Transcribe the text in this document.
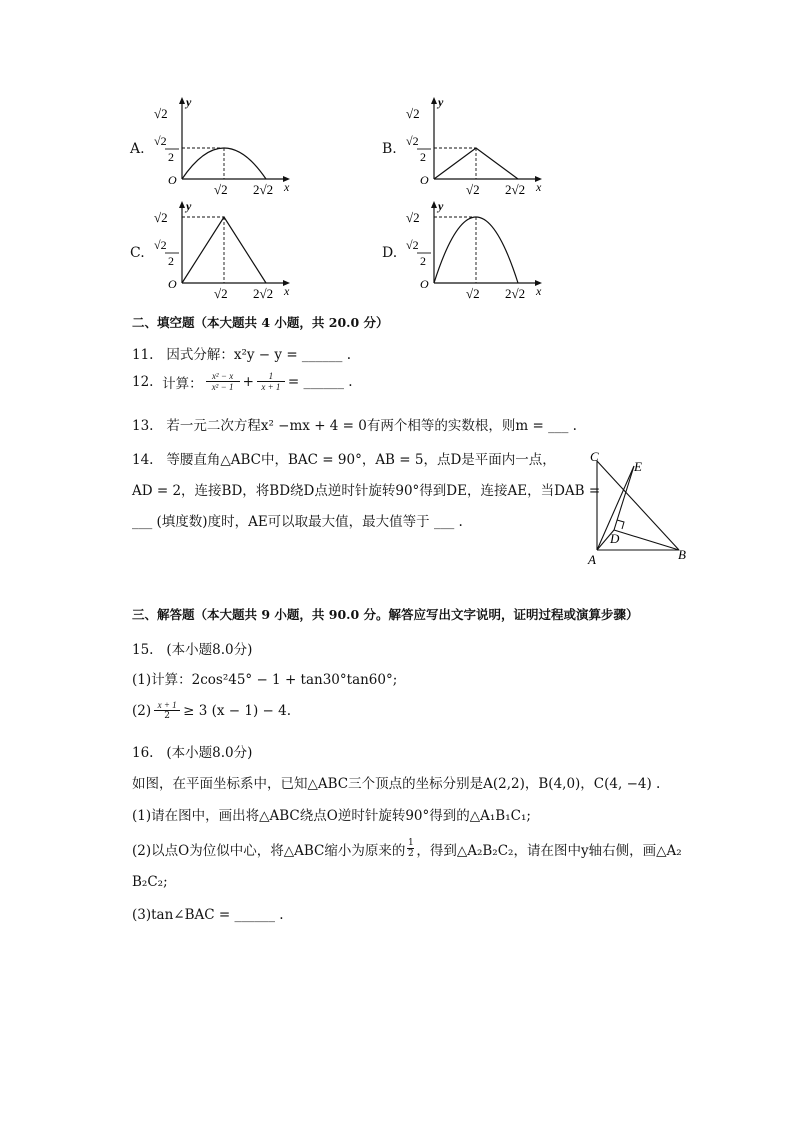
A.
y
x
O
√2
√2
2
√2 2√2
B.
y
x
O
√2
√2
2
√2 2√2
C.
y
x
O
√2
√2
2
√2 2√2
D.
y
x
O
√2
√2
2
√2 2√2
二、填空题（本大题共 4 小题，共 20.0 分）
11. 因式分解：x²y − y = ______ .
12.
计算： x² − x
x² − 1 + 1
x + 1 = ______ .
13. 若一元二次方程x² −mx + 4 = 0有两个相等的实数根，则m = ___ .
14. 等腰直角△ABC中，BAC = 90°，AB = 5，点D是平面内一点，
AD = 2，连接BD，将BD绕D点逆时针旋转90°得到DE，连接AE，当DAB =
___ (填度数)度时，AE可以取最大值，最大值等于 ___ .
C
E
D
A	B
三、解答题（本大题共 9 小题，共 90.0 分。解答应写出文字说明，证明过程或演算步骤）
15. (本小题8.0分)
(1)计算：2cos²45° − 1 + tan30°tan60°;
(2) x + 1
2 ≥ 3 (x − 1) − 4.
16. (本小题8.0分)
如图，在平面坐标系中，已知△ABC三个顶点的坐标分别是A(2,2)，B(4,0)，C(4, −4) .
(1)请在图中，画出将△ABC绕点O逆时针旋转90°得到的△A₁B₁C₁;
(2)以点O为位似中心，将△ABC缩小为原来的 1
2 ，得到△A₂B₂C₂，请在图中y轴右侧，画△A₂
B₂C₂;
(3)tan∠BAC = ______ .
